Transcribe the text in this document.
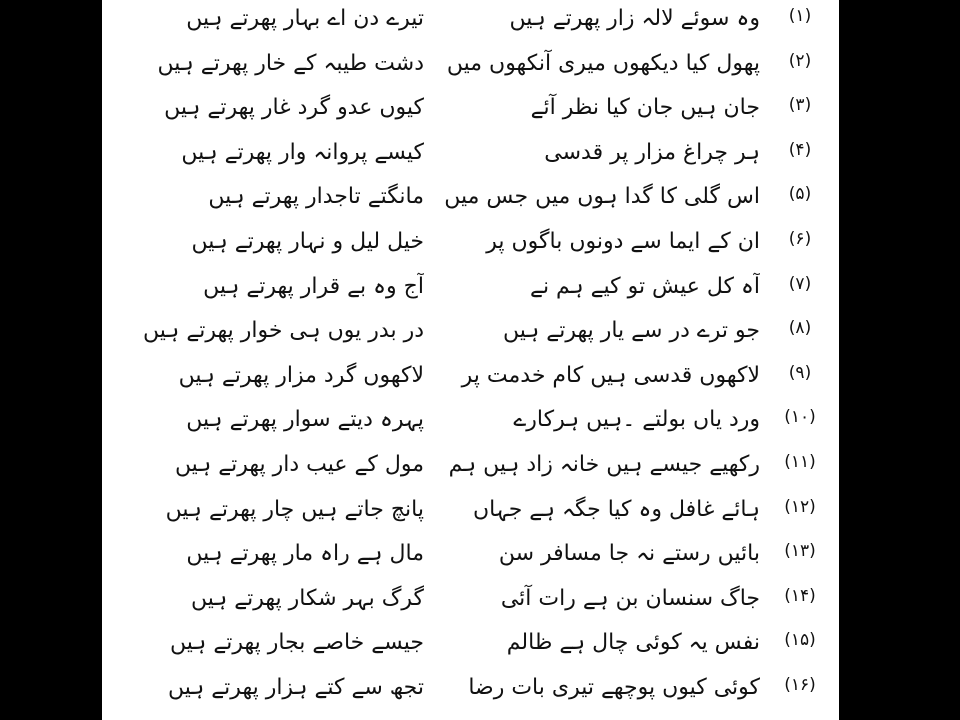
(۱)
وہ سوئے لالہ زار پھرتے ہیں
تیرے دن اے بہار پھرتے ہیں
(۲)
پھول کیا دیکھوں میری آنکھوں میں
دشت طیبہ کے خار پھرتے ہیں
(۳)
جان ہیں جان کیا نظر آئے
کیوں عدو گرد غار پھرتے ہیں
(۴)
ہر چراغ مزار پر قدسی
کیسے پروانہ وار پھرتے ہیں
(۵)
اس گلی کا گدا ہوں میں جس میں
مانگتے تاجدار پھرتے ہیں
(۶)
ان کے ایما سے دونوں باگوں پر
خیل لیل و نہار پھرتے ہیں
(۷)
آہ کل عیش تو کیے ہم نے
آج وہ بے قرار پھرتے ہیں
(۸)
جو ترے در سے یار پھرتے ہیں
در بدر یوں ہی خوار پھرتے ہیں
(۹)
لاکھوں قدسی ہیں کام خدمت پر
لاکھوں گرد مزار پھرتے ہیں
(۱۰)
ورد یاں بولتے ۔ہیں ہرکارے
پہرہ دیتے سوار پھرتے ہیں
(۱۱)
رکھیے جیسے ہیں خانہ زاد ہیں ہم
مول کے عیب دار پھرتے ہیں
(۱۲)
ہائے غافل وہ کیا جگہ ہے جہاں
پانچ جاتے ہیں چار پھرتے ہیں
(۱۳)
بائیں رستے نہ جا مسافر سن
مال ہے راہ مار پھرتے ہیں
(۱۴)
جاگ سنسان بن ہے رات آئی
گرگ بہر شکار پھرتے ہیں
(۱۵)
نفس یہ کوئی چال ہے ظالم
جیسے خاصے بجار پھرتے ہیں
(۱۶)
کوئی کیوں پوچھے تیری بات رضا
تجھ سے کتے ہزار پھرتے ہیں
